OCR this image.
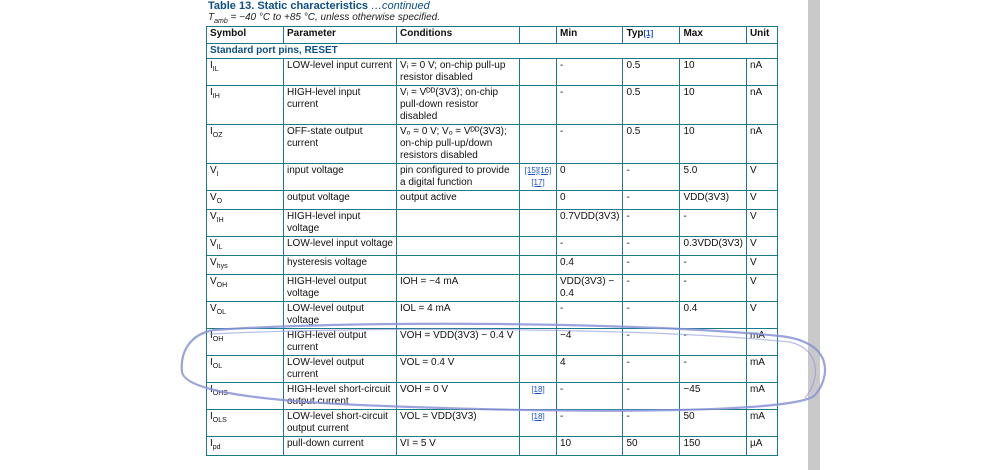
Table 13. Static characteristics …continued
$T_{amb} = -40$ °C to +85 °C, unless otherwise specified.
Symbol	Parameter	Conditions		Min	Typ[1]	Max	Unit
Standard port pins, RESET							
$I_{IL}$	LOW-level input current	Vᵢ = 0 V; on-chip pull-up resistor disabled		-	0.5	10	nA
$I_{IH}$	HIGH-level input current	Vᵢ = Vᴰᴰ(3V3); on-chip pull-down resistor disabled		-	0.5	10	nA
$I_{OZ}$	OFF-state output current	Vₒ = 0 V; Vₒ = Vᴰᴰ(3V3); on-chip pull-up/down resistors disabled		-	0.5	10	nA
$V_I$	input voltage	pin configured to provide a digital function	[15][16] [17]	0	-	5.0	V
$V_O$	output voltage	output active		0	-	VDD(3V3)	V
$V_{IH}$	HIGH-level input voltage			0.7VDD(3V3)	-	-	V
$V_{IL}$	LOW-level input voltage			-	-	0.3VDD(3V3)	V
$V_{hys}$	hysteresis voltage			0.4	-	-	V
$V_{OH}$	HIGH-level output voltage	IOH = −4 mA		VDD(3V3) − 0.4	-	-	V
$V_{OL}$	LOW-level output voltage	IOL = 4 mA		-	-	0.4	V
$I_{OH}$	HIGH-level output current	VOH = VDD(3V3) − 0.4 V		−4	-	-	mA
$I_{OL}$	LOW-level output current	VOL = 0.4 V		4	-	-	mA
$I_{OHS}$	HIGH-level short-circuit output current	VOH = 0 V	[18]	-	-	−45	mA
$I_{OLS}$	LOW-level short-circuit output current	VOL = VDD(3V3)	[18]	-	-	50	mA
$I_{pd}$	pull-down current	VI = 5 V		10	50	150	µA
